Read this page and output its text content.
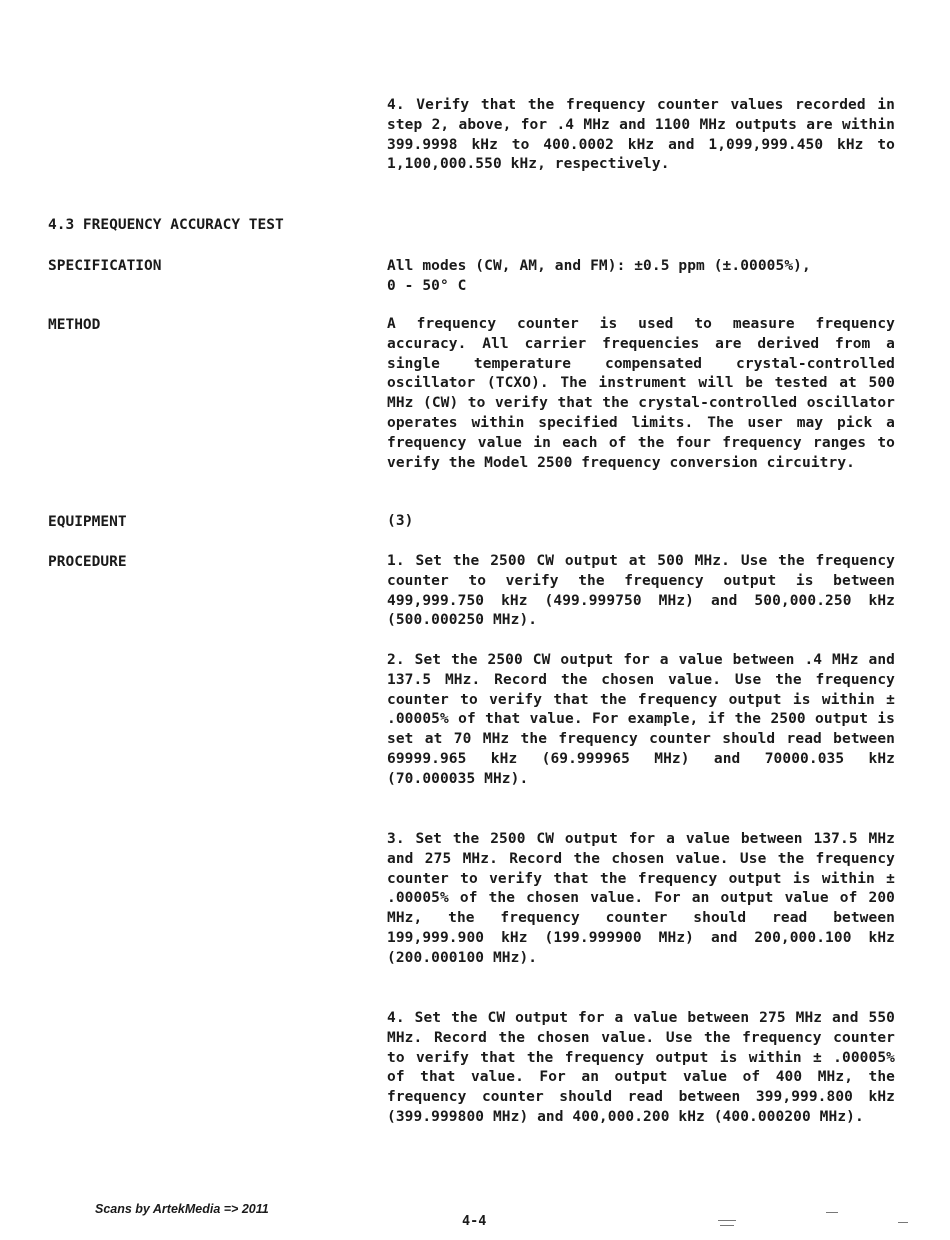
4. Verify that the frequency counter values recorded in step 2, above, for .4 MHz and 1100 MHz outputs are within 399.9998 kHz to 400.0002 kHz and 1,099,999.450 kHz to 1,100,000.550 kHz, respectively.

4.3 FREQUENCY ACCURACY TEST

SPECIFICATION	All modes (CW, AM, and FM): ±0.5 ppm (±.00005%),
0 - 50° C

METHOD	A frequency counter is used to measure frequency accuracy. All carrier frequencies are derived from a single temperature compensated crystal-controlled oscillator (TCXO). The instrument will be tested at 500 MHz (CW) to verify that the crystal-controlled oscillator operates within specified limits. The user may pick a frequency value in each of the four frequency ranges to verify the Model 2500 frequency conversion circuitry.

EQUIPMENT	(3)

PROCEDURE	1. Set the 2500 CW output at 500 MHz. Use the frequency counter to verify the frequency output is between 499,999.750 kHz (499.999750 MHz) and 500,000.250 kHz (500.000250 MHz).

2. Set the 2500 CW output for a value between .4 MHz and 137.5 MHz. Record the chosen value. Use the frequency counter to verify that the frequency output is within ± .00005% of that value. For example, if the 2500 output is set at 70 MHz the frequency counter should read between 69999.965 kHz (69.999965 MHz) and 70000.035 kHz (70.000035 MHz).

3. Set the 2500 CW output for a value between 137.5 MHz and 275 MHz. Record the chosen value. Use the frequency counter to verify that the frequency output is within ± .00005% of the chosen value. For an output value of 200 MHz, the frequency counter should read between 199,999.900 kHz (199.999900 MHz) and 200,000.100 kHz (200.000100 MHz).

4. Set the CW output for a value between 275 MHz and 550 MHz. Record the chosen value. Use the frequency counter to verify that the frequency output is within ± .00005% of that value. For an output value of 400 MHz, the frequency counter should read between 399,999.800 kHz (399.999800 MHz) and 400,000.200 kHz (400.000200 MHz).

Scans by ArtekMedia => 2011
4-4
